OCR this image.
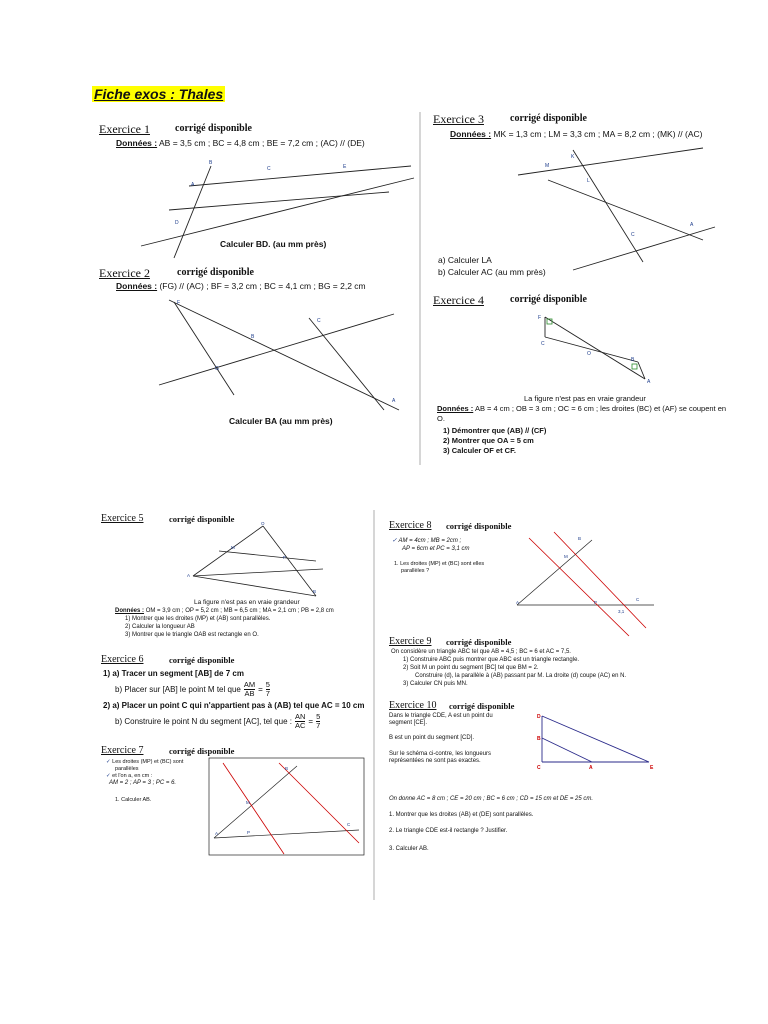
Fiche exos : Thales
Exercice 1	corrigé disponible
Données : AB = 3,5 cm ; BC = 4,8 cm ; BE = 7,2 cm ; (AC) // (DE)
B
C	E
A
D
Calculer BD. (au mm près)
Exercice 2	corrigé disponible
Données : (FG) // (AC) ; BF = 3,2 cm ; BC = 4,1 cm ; BG = 2,2 cm
F
C
B
G
A
Calculer BA (au mm près)
Exercice 3	corrigé disponible
Données : MK = 1,3 cm ; LM = 3,3 cm ; MA = 8,2 cm ; (MK) // (AC)
K
M
L
C
A
a) Calculer LA
b) Calculer AC (au mm près)
Exercice 4	corrigé disponible
F
C
O
A
B
La figure n'est pas en vraie grandeur
Données : AB = 4 cm ; OB = 3 cm ; OC = 6 cm ; les droites (BC) et (AF) se coupent en
O.
1) Démontrer que (AB) // (CF)
2) Montrer que OA = 5 cm
3) Calculer OF et CF.
Exercice 5	corrigé disponible	O
M
P
A
B
La figure n'est pas en vraie grandeur
Données : OM = 3,9 cm ; OP = 5,2 cm ; MB = 6,5 cm ; MA = 2,1 cm ; PB = 2,8 cm
1) Montrer que les droites (MP) et (AB) sont parallèles.
2) Calculer la longueur AB
3) Montrer que le triangle OAB est rectangle en O.
Exercice 6	corrigé disponible
1) a) Tracer un segment [AB] de 7 cm
b) Placer sur [AB] le point M tel que $\frac{AM}{AB} = \frac{5}{7}$
2) a) Placer un point C qui n'appartient pas à (AB) tel que AC = 10 cm
b) Construire le point N du segment [AC], tel que : $\frac{AN}{AC} = \frac{5}{7}$
Exercice 7	corrigé disponible
✓ Les droites (MP) et (BC) sont
parallèles
✓ et l'on a, en cm :
AM = 2 ; AP = 3 ; PC = 6.
1. Calculer AB.
B
M
C
A	P
Exercice 8 corrigé disponible
✓ AM = 4cm ; MB = 2cm ;
AP = 6cm et PC = 3,1 cm
1. Les droites (MP) et (BC) sont elles
parallèles ?
B
M
A	P
C
3,1
Exercice 9 corrigé disponible
On considère un triangle ABC tel que AB = 4,5 ; BC = 6 et AC = 7,5.
1) Construire ABC puis montrer que ABC est un triangle rectangle.
2) Soit M un point du segment [BC] tel que BM = 2.
Construire (d), la parallèle à (AB) passant par M. La droite (d) coupe (AC) en N.
3) Calculer CN puis MN.
Exercice 10 corrigé disponible
Dans le triangle CDE, A est un point du
segment [CE].
B est un point du segment [CD].
Sur le schéma ci-contre, les longueurs
représentées ne sont pas exactes.
D
B
C	A	E
On donne AC = 8 cm ; CE = 20 cm ; BC = 6 cm ; CD = 15 cm et DE = 25 cm.
1. Montrer que les droites (AB) et (DE) sont parallèles.
2. Le triangle CDE est-il rectangle ? Justifier.
3. Calculer AB.
